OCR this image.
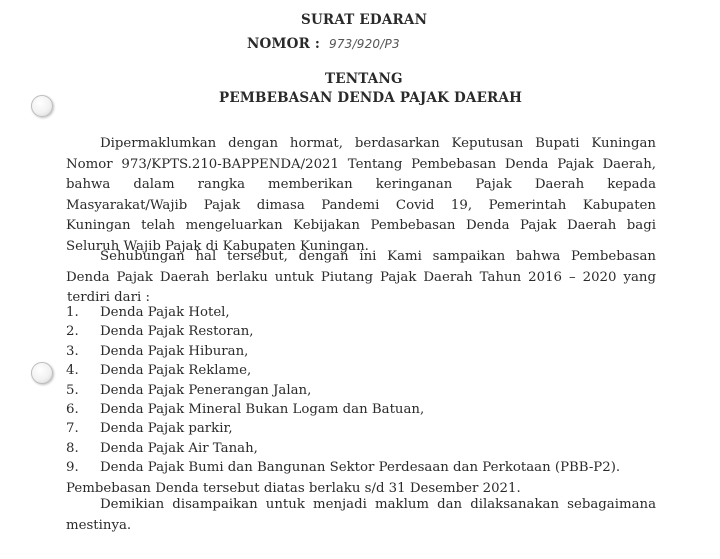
SURAT EDARAN
NOMOR : 973/920/P3
TENTANG
PEMBEBASAN DENDA PAJAK DAERAH
Dipermaklumkan dengan hormat, berdasarkan Keputusan Bupati Kuningan
Nomor 973/KPTS.210-BAPPENDA/2021 Tentang Pembebasan Denda Pajak Daerah,
bahwa dalam rangka memberikan keringanan Pajak Daerah kepada
Masyarakat/Wajib Pajak dimasa Pandemi Covid 19, Pemerintah Kabupaten
Kuningan telah mengeluarkan Kebijakan Pembebasan Denda Pajak Daerah bagi
Seluruh Wajib Pajak di Kabupaten Kuningan.
Sehubungan hal tersebut, dengan ini Kami sampaikan bahwa Pembebasan
Denda Pajak Daerah berlaku untuk Piutang Pajak Daerah Tahun 2016 – 2020 yang
terdiri dari :
1. Denda Pajak Hotel,
2. Denda Pajak Restoran,
3. Denda Pajak Hiburan,
4. Denda Pajak Reklame,
5. Denda Pajak Penerangan Jalan,
6. Denda Pajak Mineral Bukan Logam dan Batuan,
7. Denda Pajak parkir,
8. Denda Pajak Air Tanah,
9. Denda Pajak Bumi dan Bangunan Sektor Perdesaan dan Perkotaan (PBB-P2).
Pembebasan Denda tersebut diatas berlaku s/d 31 Desember 2021.
Demikian disampaikan untuk menjadi maklum dan dilaksanakan sebagaimana
mestinya.
